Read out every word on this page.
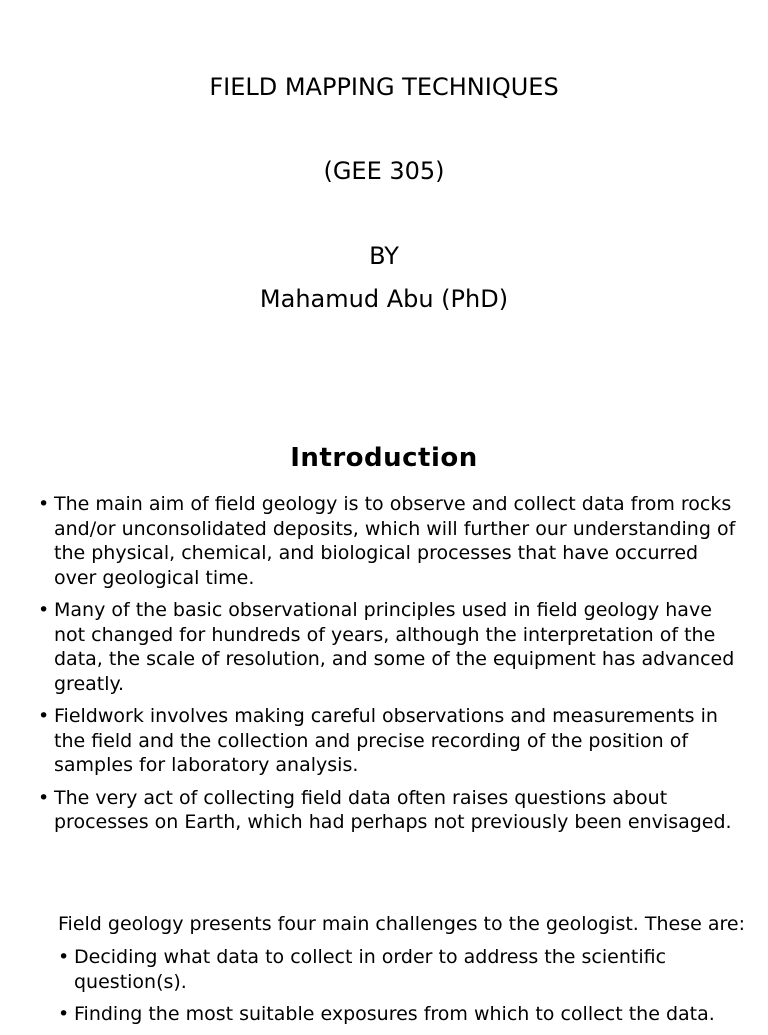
FIELD MAPPING TECHNIQUES
(GEE 305)
BY
Mahamud Abu (PhD)
Introduction
• The main aim of field geology is to observe and collect data from rocks and/or unconsolidated deposits, which will further our understanding of the physical, chemical, and biological processes that have occurred over geological time.
• Many of the basic observational principles used in field geology have not changed for hundreds of years, although the interpretation of the data, the scale of resolution, and some of the equipment has advanced greatly.
• Fieldwork involves making careful observations and measurements in the field and the collection and precise recording of the position of samples for laboratory analysis.
• The very act of collecting field data often raises questions about processes on Earth, which had perhaps not previously been envisaged.

Field geology presents four main challenges to the geologist. These are:

• Deciding what data to collect in order to address the scientific question(s).
• Finding the most suitable exposures from which to collect the data.
